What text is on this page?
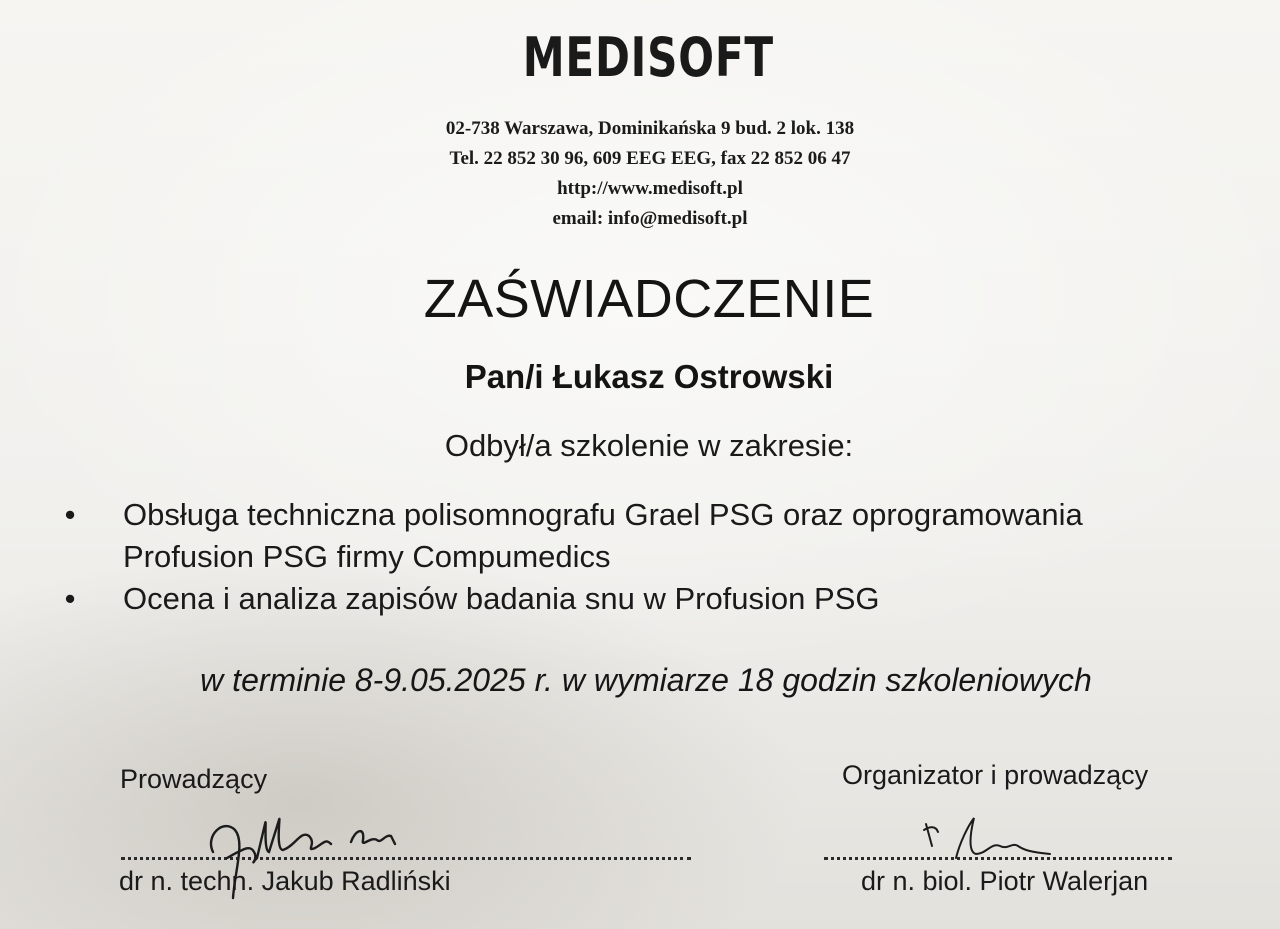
MEDISOFT
02-738 Warszawa, Dominikańska 9 bud. 2 lok. 138
Tel. 22 852 30 96, 609 EEG EEG, fax 22 852 06 47
http://www.medisoft.pl
email: info@medisoft.pl
ZAŚWIADCZENIE
Pan/i Łukasz Ostrowski
Odbył/a szkolenie w zakresie:
• Obsługa techniczna polisomnografu Grael PSG oraz oprogramowania
Profusion PSG firmy Compumedics
• Ocena i analiza zapisów badania snu w Profusion PSG
w terminie 8-9.05.2025 r. w wymiarze 18 godzin szkoleniowych
Prowadzący	Organizator i prowadzący
dr n. techn. Jakub Radliński	dr n. biol. Piotr Walerjan
